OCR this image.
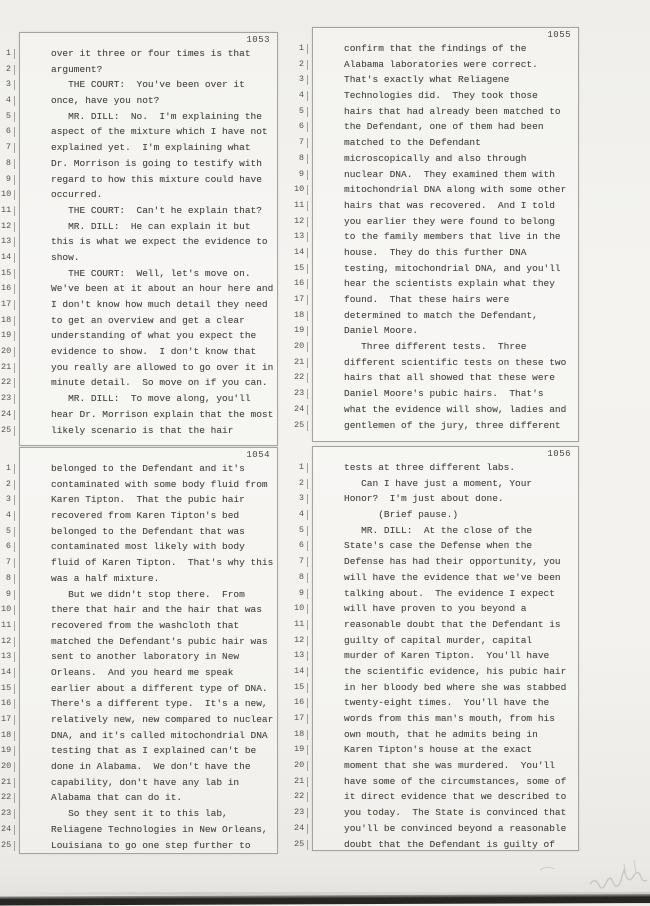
1
2
3
4
5
6
7
8
9
10
11
12
13
14
15
16
17
18
19
20
21
22
23
24
25
1053
over it three or four times is that
argument?
THE COURT:  You've been over it
once, have you not?
MR. DILL:  No.  I'm explaining the
aspect of the mixture which I have not
explained yet.  I'm explaining what
Dr. Morrison is going to testify with
regard to how this mixture could have
occurred.
THE COURT:  Can't he explain that?
MR. DILL:  He can explain it but
this is what we expect the evidence to
show.
THE COURT:  Well, let's move on.
We've been at it about an hour here and
I don't know how much detail they need
to get an overview and get a clear
understanding of what you expect the
evidence to show.  I don't know that
you really are allowed to go over it in
minute detail.  So move on if you can.
MR. DILL:  To move along, you'll
hear Dr. Morrison explain that the most
likely scenario is that the hair
1
2
3
4
5
6
7
8
9
10
11
12
13
14
15
16
17
18
19
20
21
22
23
24
25
1054
belonged to the Defendant and it's
contaminated with some body fluid from
Karen Tipton.  That the pubic hair
recovered from Karen Tipton's bed
belonged to the Defendant that was
contaminated most likely with body
fluid of Karen Tipton.  That's why this
was a half mixture.
But we didn't stop there.  From
there that hair and the hair that was
recovered from the washcloth that
matched the Defendant's pubic hair was
sent to another laboratory in New
Orleans.  And you heard me speak
earlier about a different type of DNA.
There's a different type.  It's a new,
relatively new, new compared to nuclear
DNA, and it's called mitochondrial DNA
testing that as I explained can't be
done in Alabama.  We don't have the
capability, don't have any lab in
Alabama that can do it.
So they sent it to this lab,
Reliagene Technologies in New Orleans,
Louisiana to go one step further to
1
2
3
4
5
6
7
8
9
10
11
12
13
14
15
16
17
18
19
20
21
22
23
24
25
1055
confirm that the findings of the
Alabama laboratories were correct.
That's exactly what Reliagene
Technologies did.  They took those
hairs that had already been matched to
the Defendant, one of them had been
matched to the Defendant
microscopically and also through
nuclear DNA.  They examined them with
mitochondrial DNA along with some other
hairs that was recovered.  And I told
you earlier they were found to belong
to the family members that live in the
house.  They do this further DNA
testing, mitochondrial DNA, and you'll
hear the scientists explain what they
found.  That these hairs were
determined to match the Defendant,
Daniel Moore.
Three different tests.  Three
different scientific tests on these two
hairs that all showed that these were
Daniel Moore's pubic hairs.  That's
what the evidence will show, ladies and
gentlemen of the jury, three different
1
2
3
4
5
6
7
8
9
10
11
12
13
14
15
16
17
18
19
20
21
22
23
24
25
1056
tests at three different labs.
Can I have just a moment, Your
Honor?  I'm just about done.
(Brief pause.)
MR. DILL:  At the close of the
State's case the Defense when the
Defense has had their opportunity, you
will have the evidence that we've been
talking about.  The evidence I expect
will have proven to you beyond a
reasonable doubt that the Defendant is
guilty of capital murder, capital
murder of Karen Tipton.  You'll have
the scientific evidence, his pubic hair
in her bloody bed where she was stabbed
twenty-eight times.  You'll have the
words from this man's mouth, from his
own mouth, that he admits being in
Karen Tipton's house at the exact
moment that she was murdered.  You'll
have some of the circumstances, some of
it direct evidence that we described to
you today.  The State is convinced that
you'll be convinced beyond a reasonable
doubt that the Defendant is guilty of
